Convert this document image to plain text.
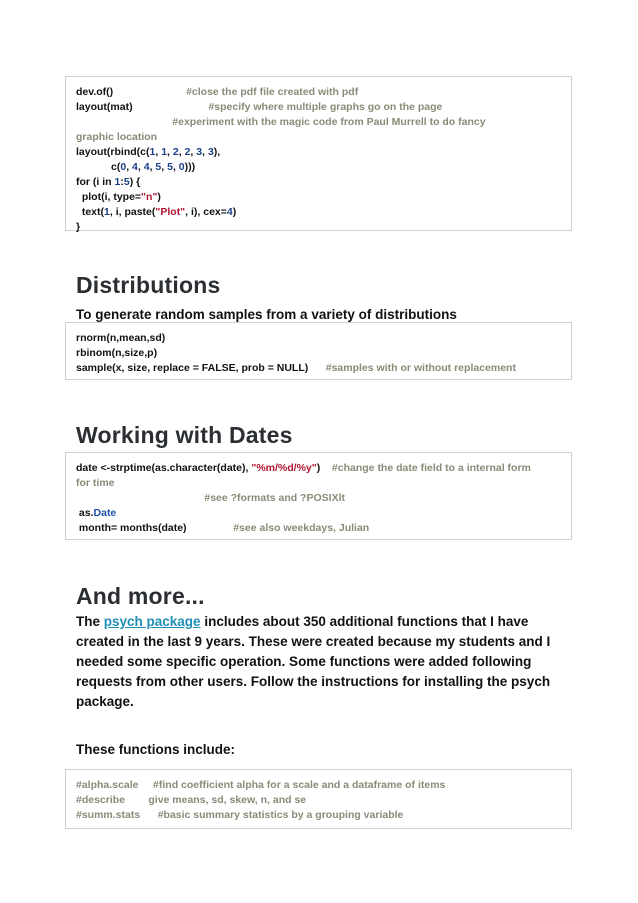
dev.of()                         #close the pdf file created with pdf
layout(mat)                          #specify where multiple graphs go on the page
#experiment with the magic code from Paul Murrell to do fancy
graphic location
layout(rbind(c(1, 1, 2, 2, 3, 3),
c(0, 4, 4, 5, 5, 0)))
for (i in 1:5) {
plot(i, type="n")
text(1, i, paste("Plot", i), cex=4)
}
Distributions
To generate random samples from a variety of distributions
rnorm(n,mean,sd)
rbinom(n,size,p)
sample(x, size, replace = FALSE, prob = NULL)      #samples with or without replacement
Working with Dates
date <-strptime(as.character(date), "%m/%d/%y")    #change the date field to a internal form
for time
#see ?formats and ?POSIXlt
as.Date
month= months(date)                #see also weekdays, Julian
And more...

The psych package includes about 350 additional functions that I have created in the last 9 years. These were created because my students and I needed some specific operation. Some functions were added following requests from other users. Follow the instructions for installing the psych package.

These functions include:
#alpha.scale     #find coefficient alpha for a scale and a dataframe of items
#describe        give means, sd, skew, n, and se
#summ.stats      #basic summary statistics by a grouping variable
